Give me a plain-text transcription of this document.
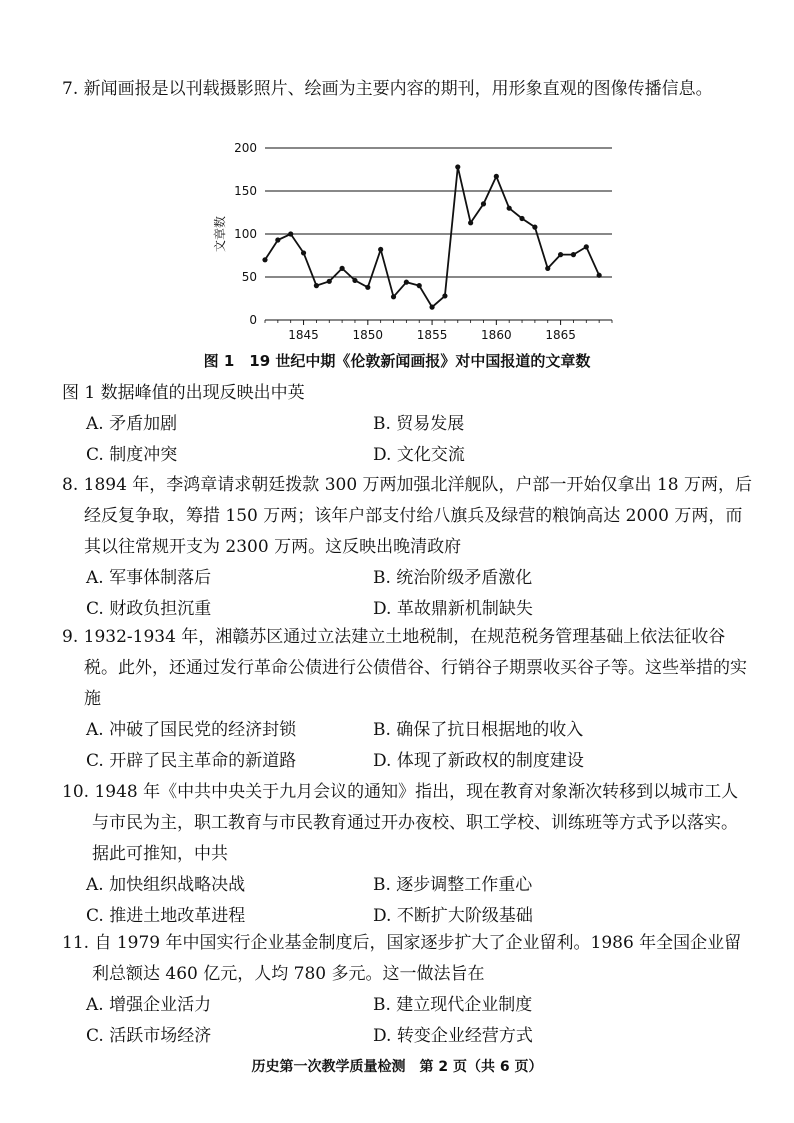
7. 新闻画报是以刊载摄影照片、绘画为主要内容的期刊，用形象直观的图像传播信息。

0
50
100
150
200
1845	1850	1855	1860	1865
文章数
图 1　19 世纪中期《伦敦新闻画报》对中国报道的文章数

图 1 数据峰值的出现反映出中英

A. 矛盾加剧	B. 贸易发展
C. 制度冲突	D. 文化交流

8. 1894 年，李鸿章请求朝廷拨款 300 万两加强北洋舰队，户部一开始仅拿出 18 万两，后经反复争取，筹措 150 万两；该年户部支付给八旗兵及绿营的粮饷高达 2000 万两，而其以往常规开支为 2300 万两。这反映出晚清政府

A. 军事体制落后	B. 统治阶级矛盾激化
C. 财政负担沉重	D. 革故鼎新机制缺失

9. 1932-1934 年，湘赣苏区通过立法建立土地税制，在规范税务管理基础上依法征收谷税。此外，还通过发行革命公债进行公债借谷、行销谷子期票收买谷子等。这些举措的实施

A. 冲破了国民党的经济封锁	B. 确保了抗日根据地的收入
C. 开辟了民主革命的新道路	D. 体现了新政权的制度建设

10. 1948 年《中共中央关于九月会议的通知》指出，现在教育对象渐次转移到以城市工人与市民为主，职工教育与市民教育通过开办夜校、职工学校、训练班等方式予以落实。据此可推知，中共

A. 加快组织战略决战	B. 逐步调整工作重心
C. 推进土地改革进程	D. 不断扩大阶级基础

11. 自 1979 年中国实行企业基金制度后，国家逐步扩大了企业留利。1986 年全国企业留利总额达 460 亿元，人均 780 多元。这一做法旨在

A. 增强企业活力	B. 建立现代企业制度
C. 活跃市场经济	D. 转变企业经营方式
历史第一次教学质量检测　第 2 页（共 6 页）
